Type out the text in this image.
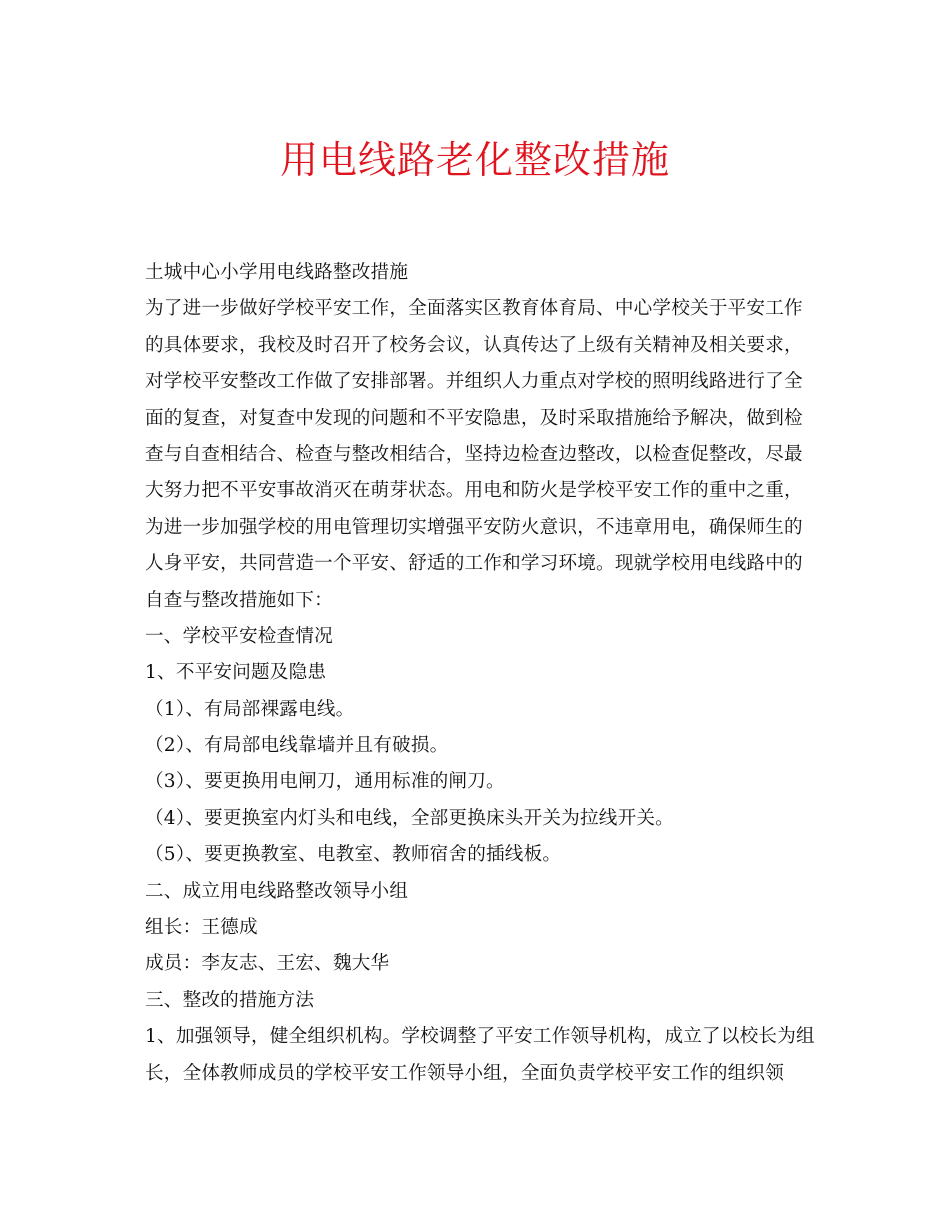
用电线路老化整改措施
土城中心小学用电线路整改措施
为了进一步做好学校平安工作，全面落实区教育体育局、中心学校关于平安工作
的具体要求，我校及时召开了校务会议，认真传达了上级有关精神及相关要求，
对学校平安整改工作做了安排部署。并组织人力重点对学校的照明线路进行了全
面的复查，对复查中发现的问题和不平安隐患，及时采取措施给予解决，做到检
查与自查相结合、检查与整改相结合，坚持边检查边整改，以检查促整改，尽最
大努力把不平安事故消灭在萌芽状态。用电和防火是学校平安工作的重中之重，
为进一步加强学校的用电管理切实增强平安防火意识，不违章用电，确保师生的
人身平安，共同营造一个平安、舒适的工作和学习环境。现就学校用电线路中的
自查与整改措施如下：
一、学校平安检查情况
1、不平安问题及隐患
（1）、有局部裸露电线。
（2）、有局部电线靠墙并且有破损。
（3）、要更换用电闸刀，通用标准的闸刀。
（4）、要更换室内灯头和电线，全部更换床头开关为拉线开关。
（5）、要更换教室、电教室、教师宿舍的插线板。
二、成立用电线路整改领导小组
组长：王德成
成员：李友志、王宏、魏大华
三、整改的措施方法
1、加强领导，健全组织机构。学校调整了平安工作领导机构，成立了以校长为组
长，全体教师成员的学校平安工作领导小组，全面负责学校平安工作的组织领
